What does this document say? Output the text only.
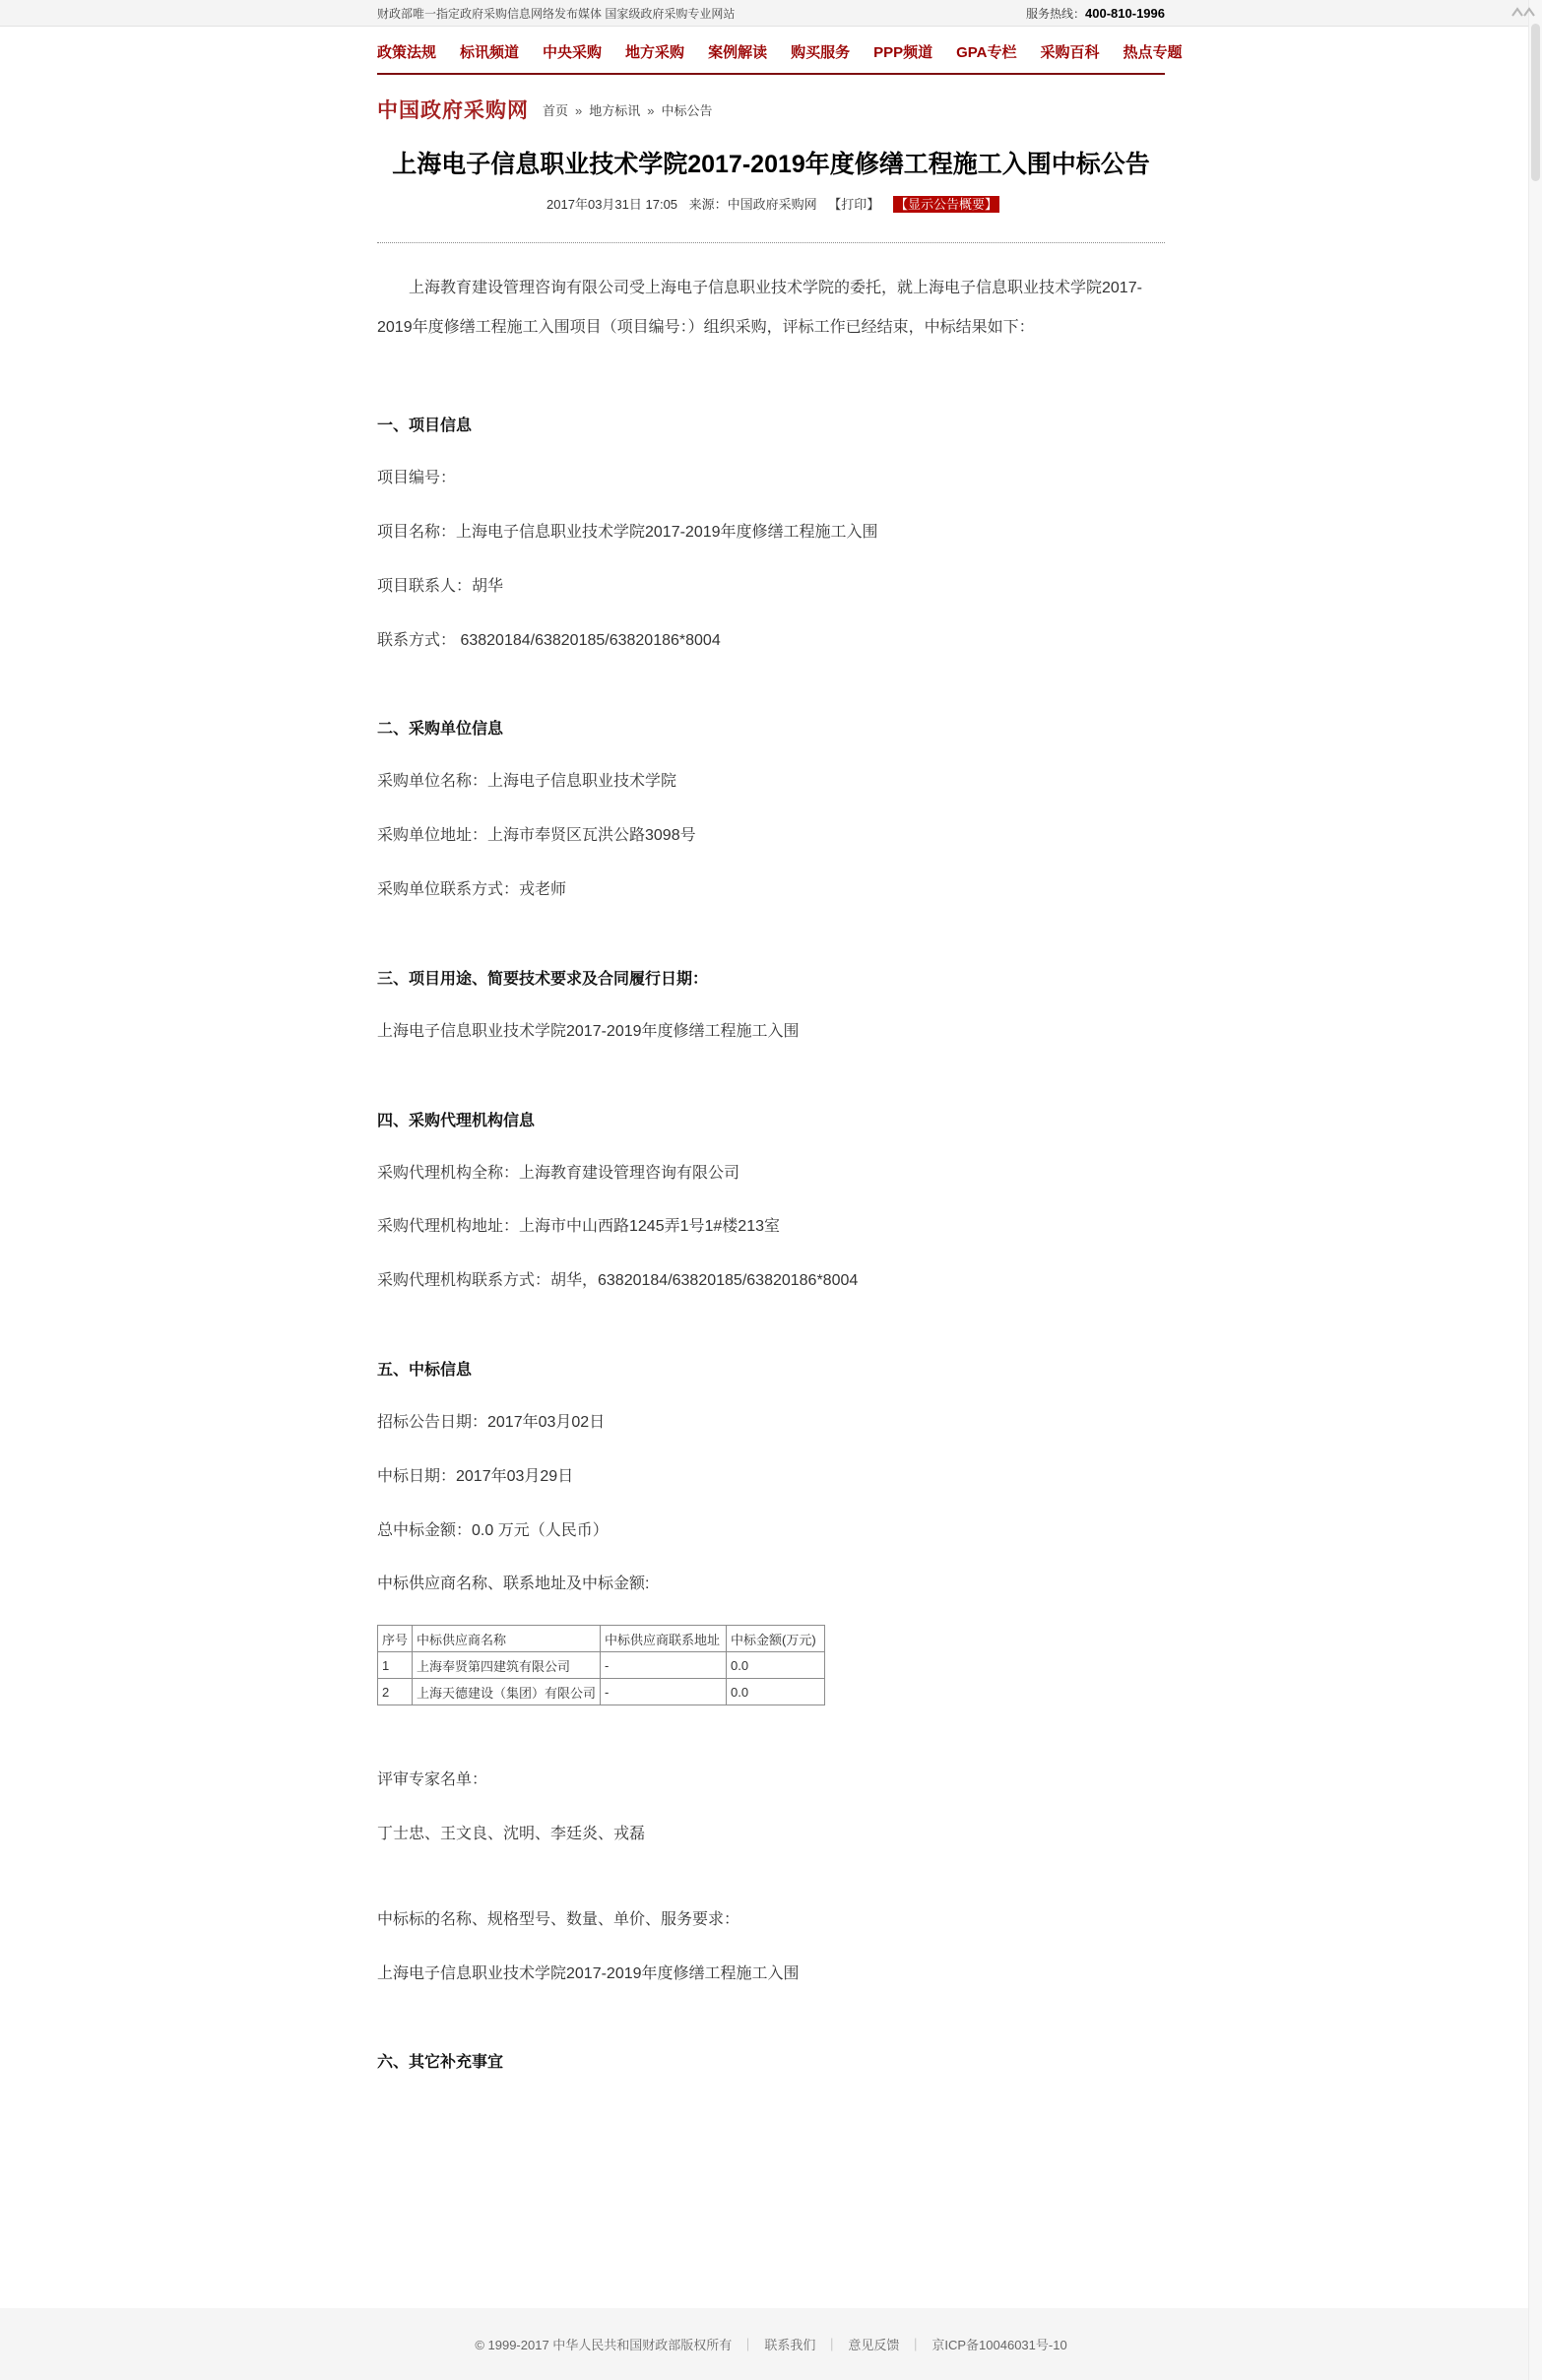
财政部唯一指定政府采购信息网络发布媒体 国家级政府采购专业网站	服务热线：400-810-1996
政策法规 标讯频道 中央采购 地方采购 案例解读 购买服务 PPP频道 GPA专栏 采购百科 热点专题
中国政府采购网 首页 » 地方标讯 » 中标公告
上海电子信息职业技术学院2017-2019年度修缮工程施工入围中标公告
2017年03月31日 17:05 来源：中国政府采购网 【打印】 【显示公告概要】

上海教育建设管理咨询有限公司受上海电子信息职业技术学院的委托，就上海电子信息职业技术学院2017-2019年度修缮工程施工入围项目（项目编号：）组织采购，评标工作已经结束，中标结果如下：

一、项目信息
项目编号：
项目名称：上海电子信息职业技术学院2017-2019年度修缮工程施工入围
项目联系人：胡华
联系方式： 63820184/63820185/63820186*8004
二、采购单位信息
采购单位名称：上海电子信息职业技术学院
采购单位地址：上海市奉贤区瓦洪公路3098号
采购单位联系方式：戎老师
三、项目用途、简要技术要求及合同履行日期：
上海电子信息职业技术学院2017-2019年度修缮工程施工入围
四、采购代理机构信息
采购代理机构全称：上海教育建设管理咨询有限公司
采购代理机构地址：上海市中山西路1245弄1号1#楼213室
采购代理机构联系方式：胡华，63820184/63820185/63820186*8004
五、中标信息
招标公告日期：2017年03月02日
中标日期：2017年03月29日
总中标金额：0.0 万元（人民币）
中标供应商名称、联系地址及中标金额:
序号	中标供应商名称	中标供应商联系地址	中标金额(万元)
1	上海奉贤第四建筑有限公司	-	0.0
2	上海天德建设（集团）有限公司	-	0.0
评审专家名单：
丁士忠、王文良、沈明、李廷炎、戎磊
中标标的名称、规格型号、数量、单价、服务要求：
上海电子信息职业技术学院2017-2019年度修缮工程施工入围
六、其它补充事宜
© 1999-2017 中华人民共和国财政部版权所有 ｜ 联系我们 ｜ 意见反馈 ｜ 京ICP备10046031号-10
